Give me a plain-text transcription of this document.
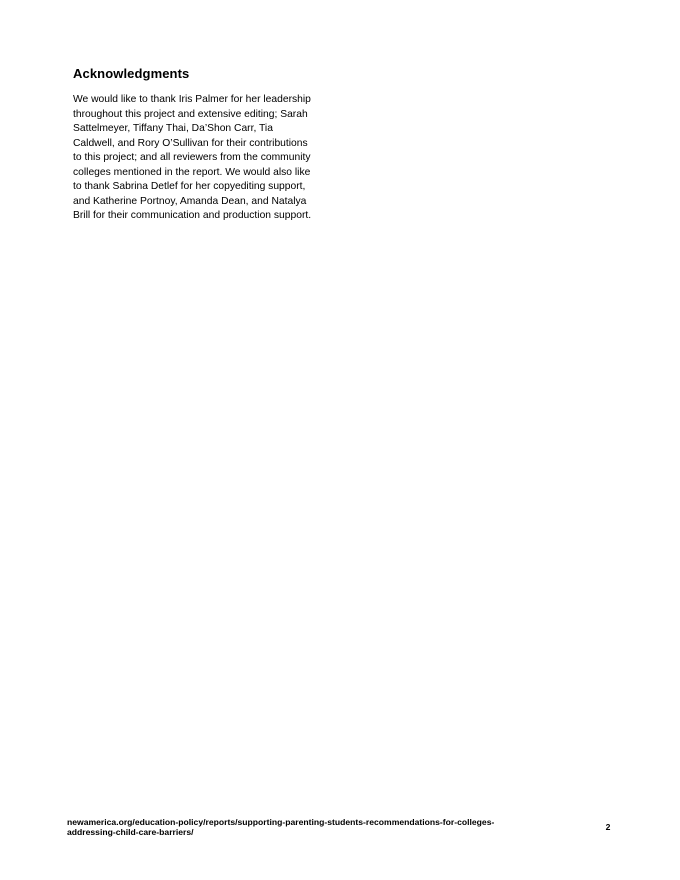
Acknowledgments
We would like to thank Iris Palmer for her leadership
throughout this project and extensive editing; Sarah
Sattelmeyer, Tiffany Thai, Da’Shon Carr, Tia
Caldwell, and Rory O’Sullivan for their contributions
to this project; and all reviewers from the community
colleges mentioned in the report. We would also like
to thank Sabrina Detlef for her copyediting support,
and Katherine Portnoy, Amanda Dean, and Natalya
Brill for their communication and production support.
newamerica.org/education-policy/reports/supporting-parenting-students-recommendations-for-colleges-
addressing-child-care-barriers/	2
